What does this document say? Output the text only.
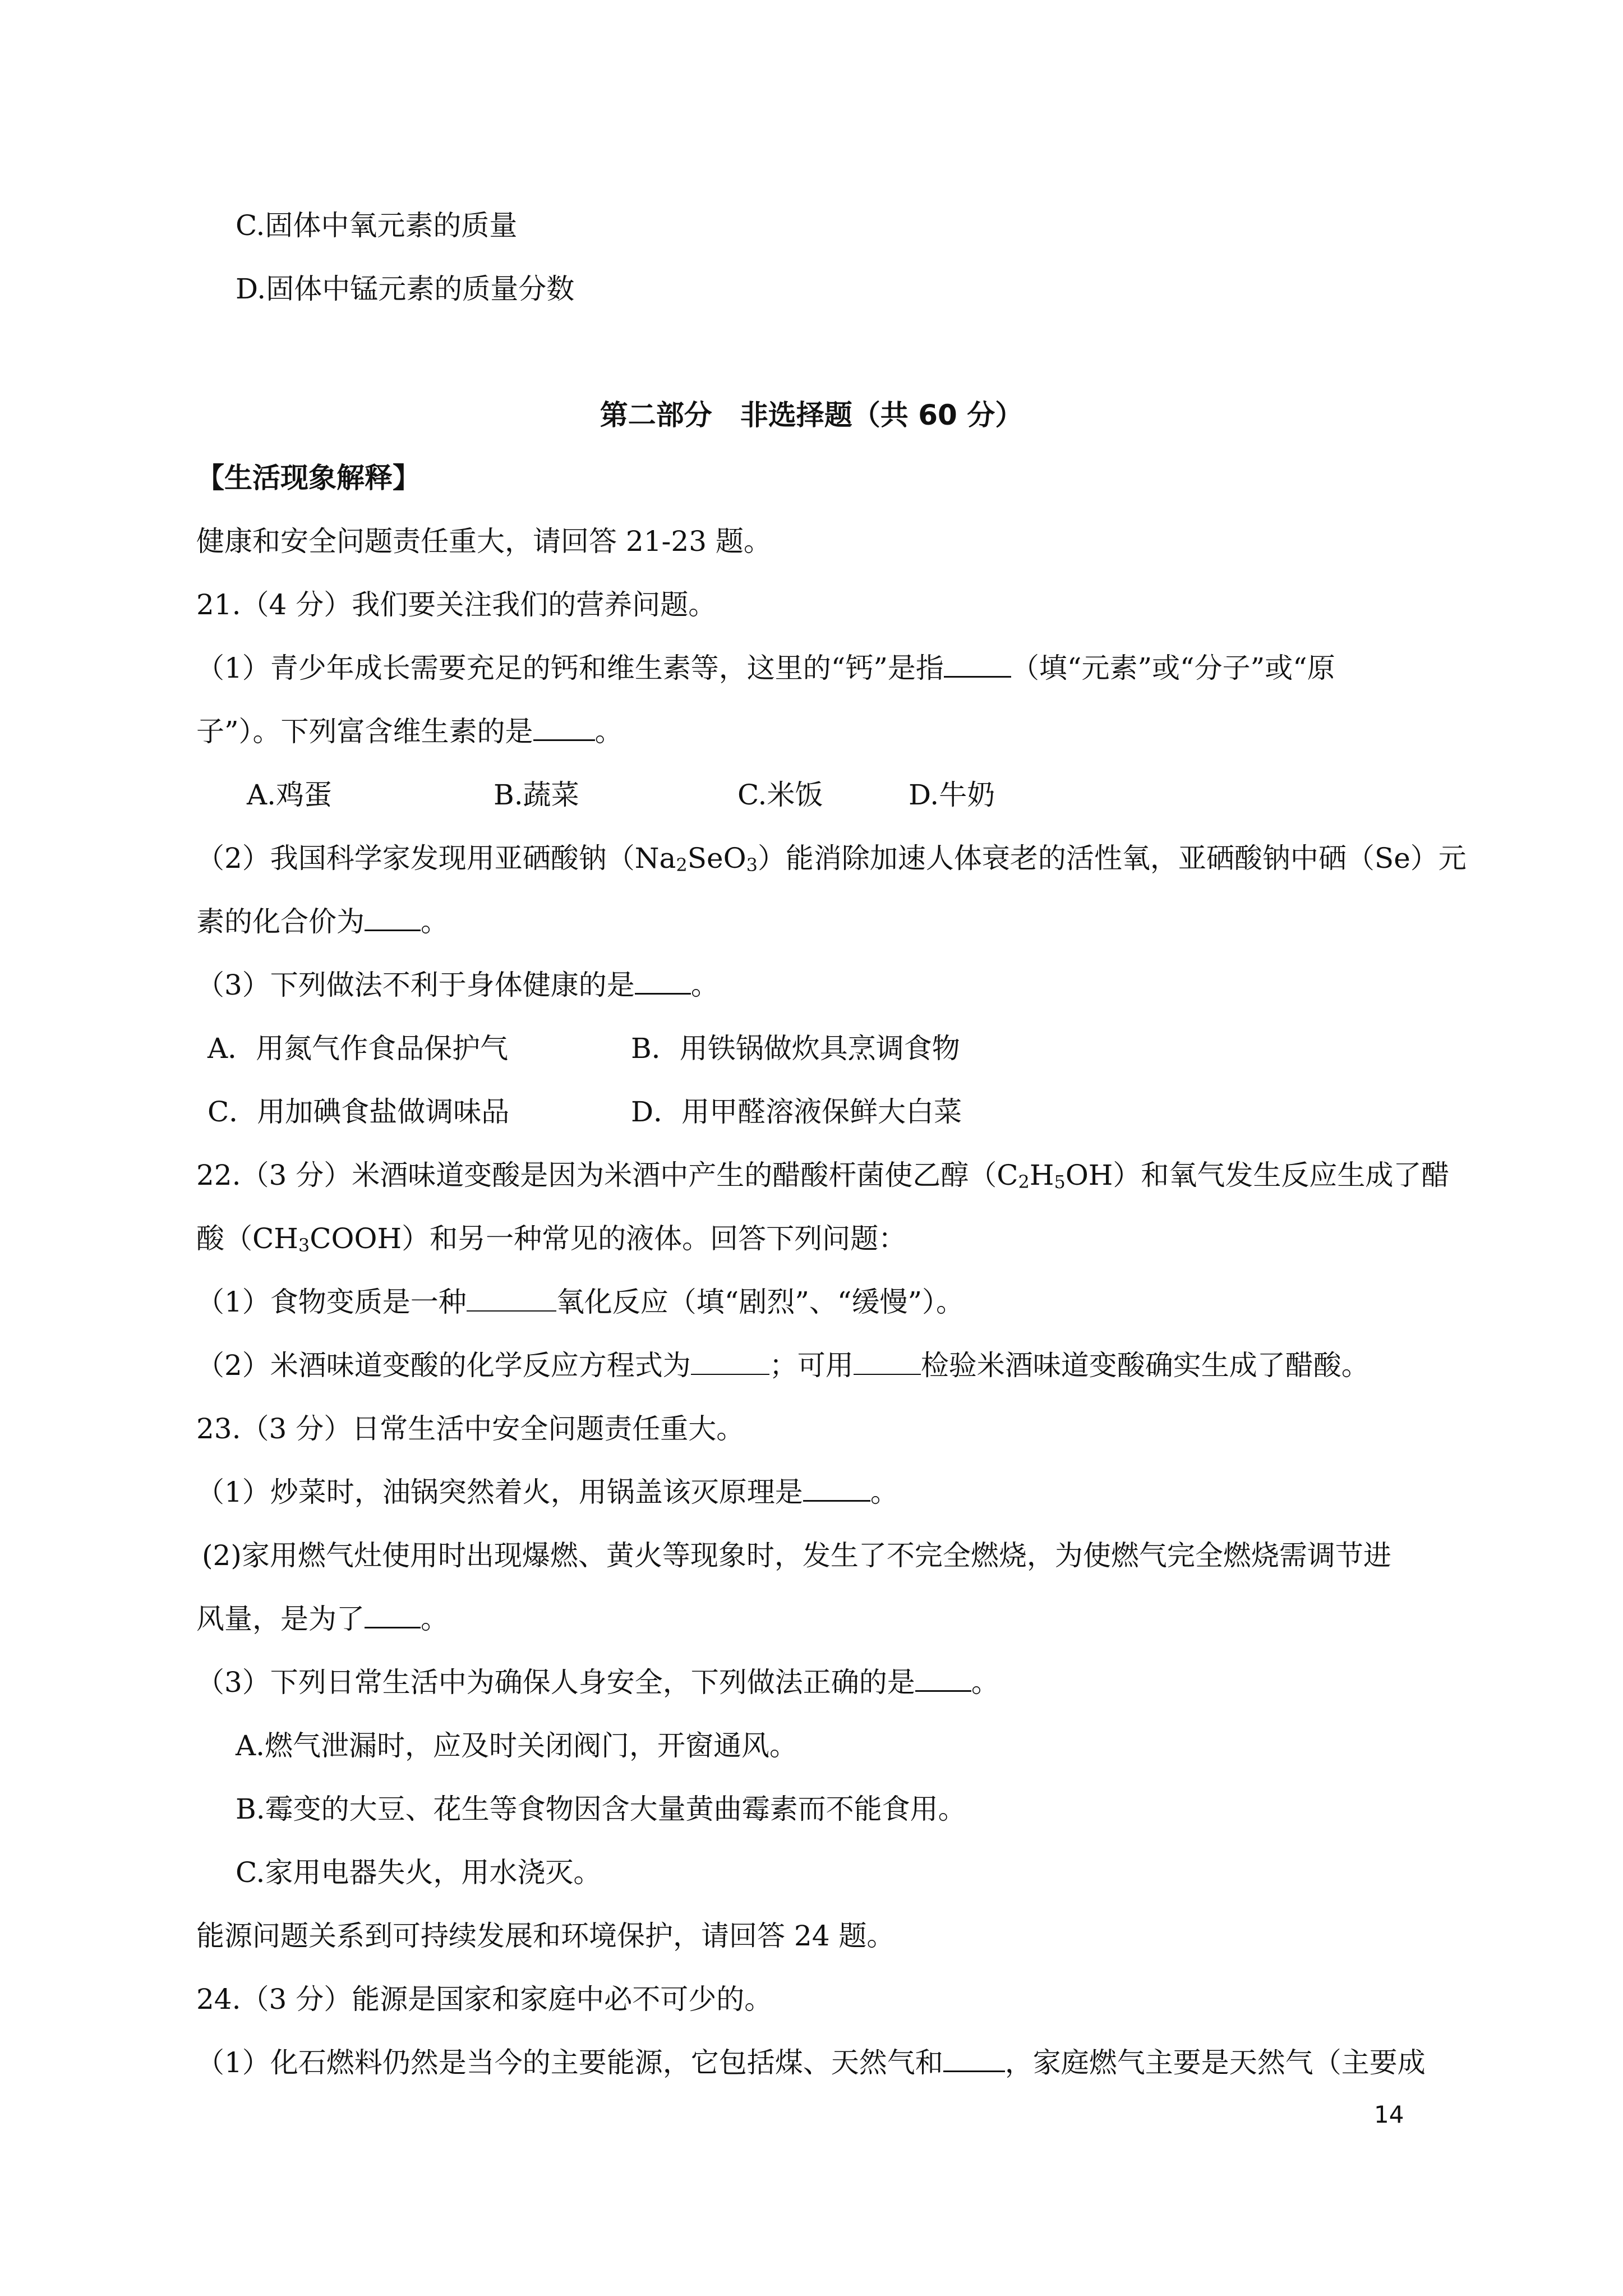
C.固体中氧元素的质量
D.固体中锰元素的质量分数
第二部分　非选择题（共 60 分）
【生活现象解释】
健康和安全问题责任重大，请回答 21-23 题。
21.（4 分）我们要关注我们的营养问题。
（1）青少年成长需要充足的钙和维生素等，这里的“钙”是指 （填“元素”或“分子”或“原
子”）。下列富含维生素的是 。
A.鸡蛋	B.蔬菜	C.米饭	D.牛奶
（2）我国科学家发现用亚硒酸钠$(Na_2SeO_3)$能消除加速人体衰老的活性氧，亚硒酸钠中硒（Se）元
素的化合价为 。
（3）下列做法不利于身体健康的是 。
A．用氮气作食品保护气	B．用铁锅做炊具烹调食物
C．用加碘食盐做调味品	D．用甲醛溶液保鲜大白菜
22.（3 分）米酒味道变酸是因为米酒中产生的醋酸杆菌使乙醇$(C_2H_5OH)$和氧气发生反应生成了醋
酸$(CH_3COOH)$和另一种常见的液体。回答下列问题：
（1）食物变质是一种	氧化反应（填“剧烈”、“缓慢”）。
（2）米酒味道变酸的化学反应方程式为	；可用 检验米酒味道变酸确实生成了醋酸。
23.（3 分）日常生活中安全问题责任重大。
（1）炒菜时，油锅突然着火，用锅盖该灭原理是 。
(2)家用燃气灶使用时出现爆燃、黄火等现象时，发生了不完全燃烧，为使燃气完全燃烧需调节进
风量，是为了 。
（3）下列日常生活中为确保人身安全，下列做法正确的是 。
A.燃气泄漏时，应及时关闭阀门，开窗通风。
B.霉变的大豆、花生等食物因含大量黄曲霉素而不能食用。
C.家用电器失火，用水浇灭。
能源问题关系到可持续发展和环境保护，请回答 24 题。
24.（3 分）能源是国家和家庭中必不可少的。
（1）化石燃料仍然是当今的主要能源，它包括煤、天然气和 ，家庭燃气主要是天然气（主要成
14
